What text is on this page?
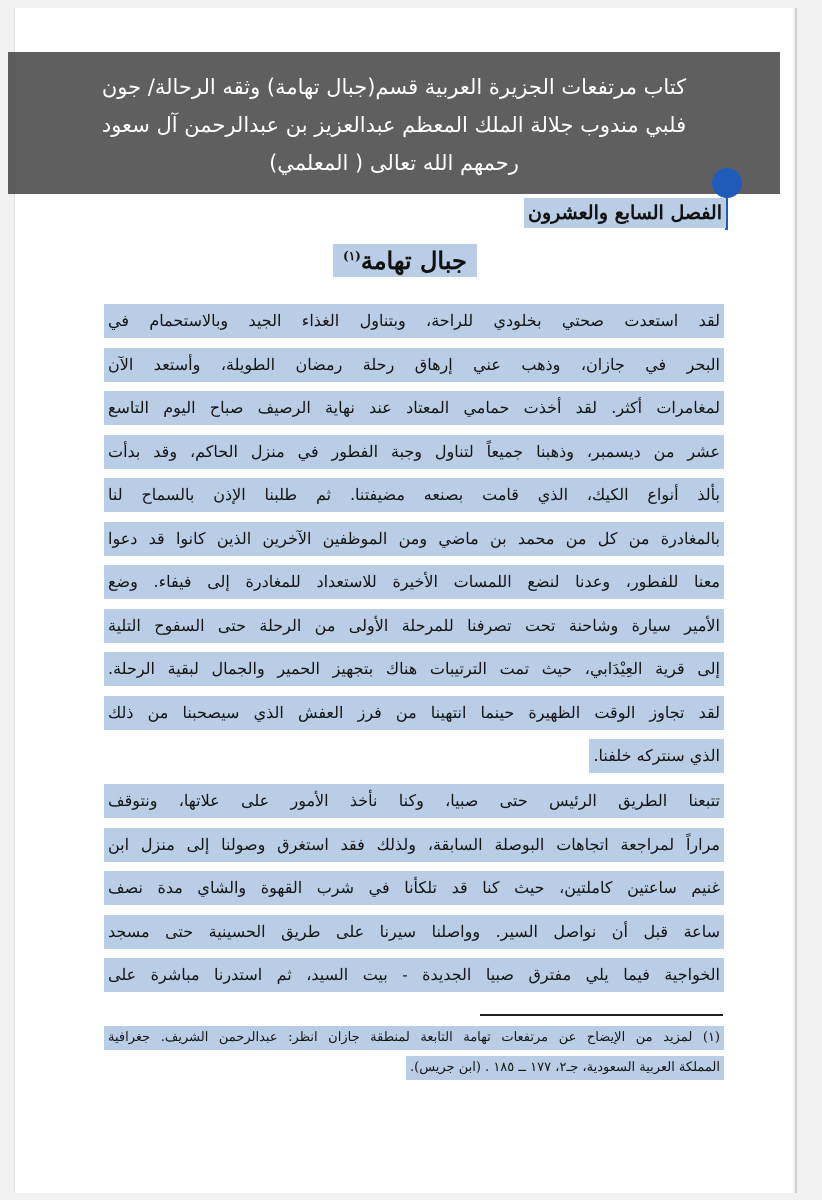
كتاب مرتفعات الجزيرة العربية قسم(جبال تهامة) وثقه الرحالة/ جون
فلبي مندوب جلالة الملك المعظم عبدالعزيز بن عبدالرحمن آل سعود
رحمهم الله تعالى ( المعلمي)
الفصل السابع والعشرون
جبال تهامة$^{(١)}$
لقد استعدت صحتي بخلودي للراحة، وبتناول الغذاء الجيد وبالاستحمام في
البحر في جازان، وذهب عني إرهاق رحلة رمضان الطويلة، وأستعد الآن
لمغامرات أكثر. لقد أخذت حمامي المعتاد عند نهاية الرصيف صباح اليوم التاسع
عشر من ديسمبر، وذهبنا جميعاً لتناول وجبة الفطور في منزل الحاكم، وقد بدأت
بألذ أنواع الكيك، الذي قامت بصنعه مضيفتنا. ثم طلبنا الإذن بالسماح لنا
بالمغادرة من كل من محمد بن ماضي ومن الموظفين الآخرين الذين كانوا قد دعوا
معنا للفطور، وعدنا لنضع اللمسات الأخيرة للاستعداد للمغادرة إلى فيفاء. وضع
الأمير سيارة وشاحنة تحت تصرفنا للمرحلة الأولى من الرحلة حتى السفوح التلية
إلى قرية العِيْدَابي، حيث تمت الترتيبات هناك بتجهيز الحمير والجمال لبقية الرحلة.
لقد تجاوز الوقت الظهيرة حينما انتهينا من فرز العفش الذي سيصحبنا من ذلك
الذي سنتركه خلفنا.
تتبعنا الطريق الرئيس حتى صبيا، وكنا نأخذ الأمور على علاتها، ونتوقف
مراراً لمراجعة اتجاهات البوصلة السابقة، ولذلك فقد استغرق وصولنا إلى منزل ابن
غنيم ساعتين كاملتين، حيث كنا قد تلكأنا في شرب القهوة والشاي مدة نصف
ساعة قبل أن نواصل السير. وواصلنا سيرنا على طريق الحسينية حتى مسجد
الخواجية فيما يلي مفترق صبيا الجديدة - بيت السيد، ثم استدرنا مباشرة على
(١) لمزيد من الإيضاح عن مرتفعات تهامة التابعة لمنطقة جازان انظر: عبدالرحمن الشريف. جغرافية
المملكة العربية السعودية، جـ٢، ١٧٧ ــ ١٨٥ . (ابن جريس).
